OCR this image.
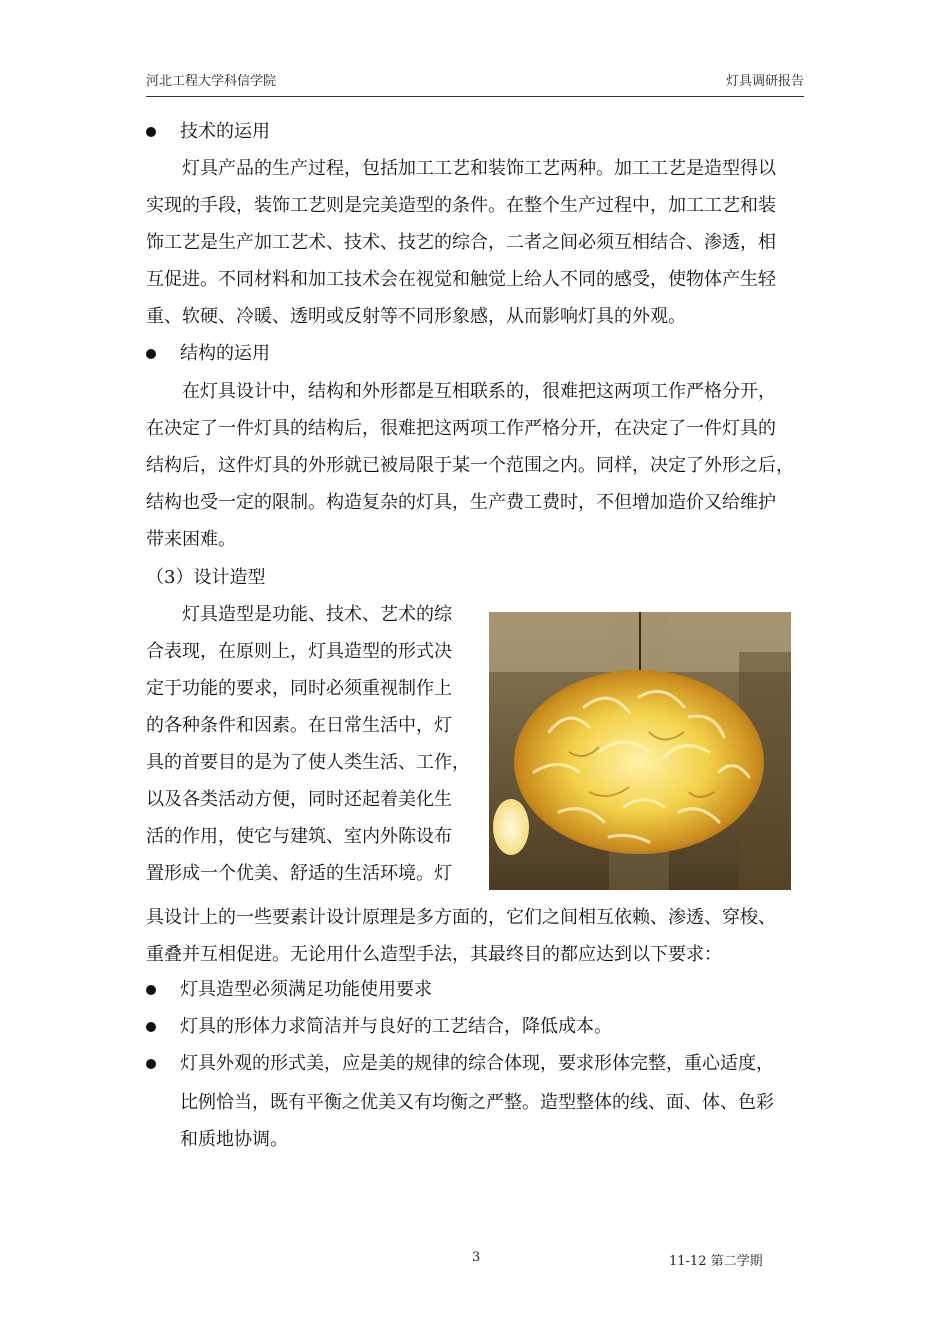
河北工程大学科信学院	灯具调研报告
技术的运用
灯具产品的生产过程，包括加工工艺和装饰工艺两种。加工工艺是造型得以
实现的手段，装饰工艺则是完美造型的条件。在整个生产过程中，加工工艺和装
饰工艺是生产加工艺术、技术、技艺的综合，二者之间必须互相结合、渗透，相
互促进。不同材料和加工技术会在视觉和触觉上给人不同的感受，使物体产生轻
重、软硬、冷暖、透明或反射等不同形象感，从而影响灯具的外观。
结构的运用
在灯具设计中，结构和外形都是互相联系的，很难把这两项工作严格分开，
在决定了一件灯具的结构后，很难把这两项工作严格分开，在决定了一件灯具的
结构后，这件灯具的外形就已被局限于某一个范围之内。同样，决定了外形之后，
结构也受一定的限制。构造复杂的灯具，生产费工费时，不但增加造价又给维护
带来困难。
（3）设计造型
灯具造型是功能、技术、艺术的综
合表现，在原则上，灯具造型的形式决
定于功能的要求，同时必须重视制作上
的各种条件和因素。在日常生活中，灯
具的首要目的是为了使人类生活、工作，
以及各类活动方便，同时还起着美化生
活的作用，使它与建筑、室内外陈设布
置形成一个优美、舒适的生活环境。灯
具设计上的一些要素计设计原理是多方面的，它们之间相互依赖、渗透、穿梭、
重叠并互相促进。无论用什么造型手法，其最终目的都应达到以下要求：
灯具造型必须满足功能使用要求
灯具的形体力求简洁并与良好的工艺结合，降低成本。
灯具外观的形式美，应是美的规律的综合体现，要求形体完整，重心适度，
比例恰当，既有平衡之优美又有均衡之严整。造型整体的线、面、体、色彩
和质地协调。
3	11-12 第二学期
